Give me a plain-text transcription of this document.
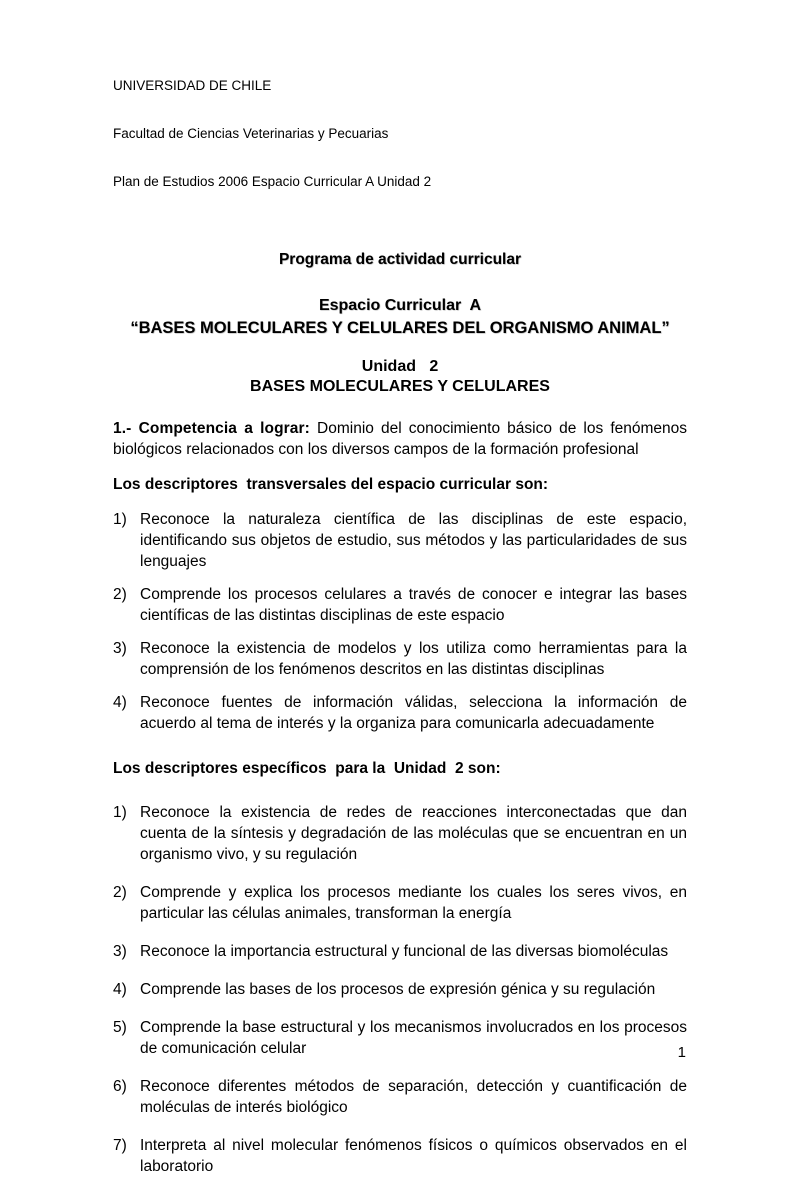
UNIVERSIDAD DE CHILE

Facultad de Ciencias Veterinarias y Pecuarias

Plan de Estudios 2006 Espacio Curricular A Unidad 2

Programa de actividad curricular
Espacio Curricular  A
“BASES MOLECULARES Y CELULARES DEL ORGANISMO ANIMAL”
Unidad   2
BASES MOLECULARES Y CELULARES

1.- Competencia a lograr: Dominio del conocimiento básico de los fenómenos biológicos relacionados con los diversos campos de la formación profesional

Los descriptores  transversales del espacio curricular son:
1) Reconoce la naturaleza científica de las disciplinas de este espacio, identificando sus objetos de estudio, sus métodos y las particularidades de sus lenguajes
2) Comprende los procesos celulares a través de conocer e integrar las bases científicas de las distintas disciplinas de este espacio
3) Reconoce la existencia de modelos y los utiliza como herramientas para la comprensión de los fenómenos descritos en las distintas disciplinas
4) Reconoce fuentes de información válidas, selecciona la información de acuerdo al tema de interés y la organiza para comunicarla adecuadamente
Los descriptores específicos  para la  Unidad  2 son:
1) Reconoce la existencia de redes de reacciones interconectadas que dan cuenta de la síntesis y degradación de las moléculas que se encuentran en un organismo vivo, y su regulación
2) Comprende y explica los procesos mediante los cuales los seres vivos, en particular las células animales, transforman la energía
3) Reconoce la importancia estructural y funcional de las diversas biomoléculas
4) Comprende las bases de los procesos de expresión génica y su regulación
5) Comprende la base estructural y los mecanismos involucrados en los procesos de comunicación celular
6) Reconoce diferentes métodos de separación, detección y cuantificación de moléculas de interés biológico
7) Interpreta al nivel molecular fenómenos físicos o químicos observados en el laboratorio
1
